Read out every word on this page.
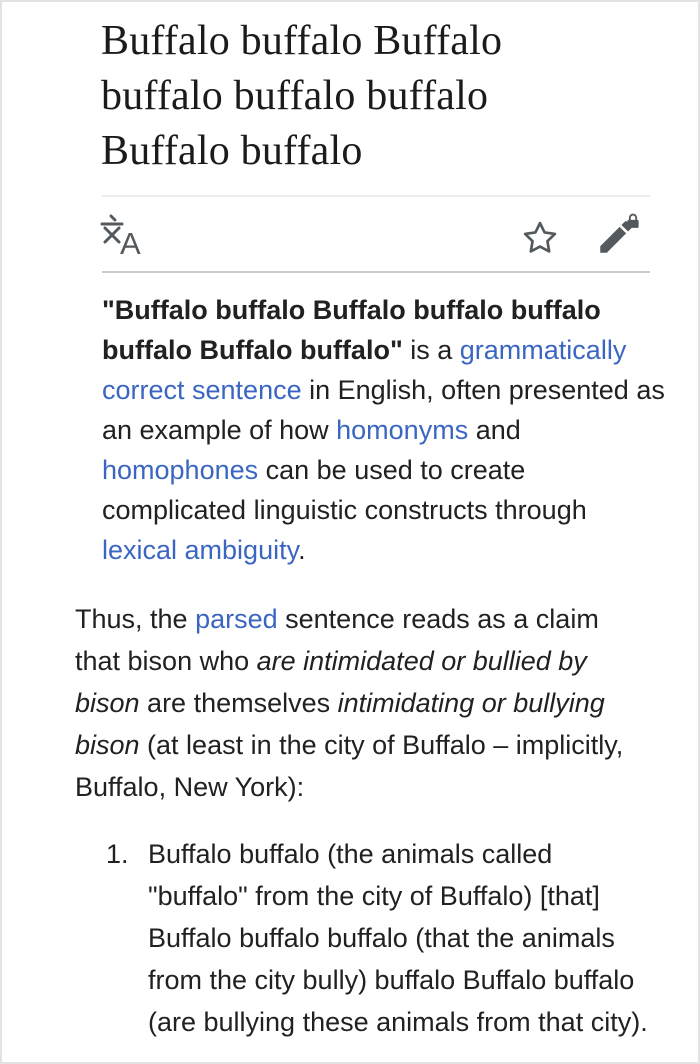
Buffalo buffalo Buffalo
buffalo buffalo buffalo
Buffalo buffalo
A
"Buffalo buffalo Buffalo buffalo buffalo
buffalo Buffalo buffalo" is a grammatically
correct sentence in English, often presented as
an example of how homonyms and
homophones can be used to create
complicated linguistic constructs through
lexical ambiguity.
Thus, the parsed sentence reads as a claim
that bison who are intimidated or bullied by
bison are themselves intimidating or bullying
bison (at least in the city of Buffalo – implicitly,
Buffalo, New York):
1. Buffalo buffalo (the animals called
"buffalo" from the city of Buffalo) [that]
Buffalo buffalo buffalo (that the animals
from the city bully) buffalo Buffalo buffalo
(are bullying these animals from that city).
